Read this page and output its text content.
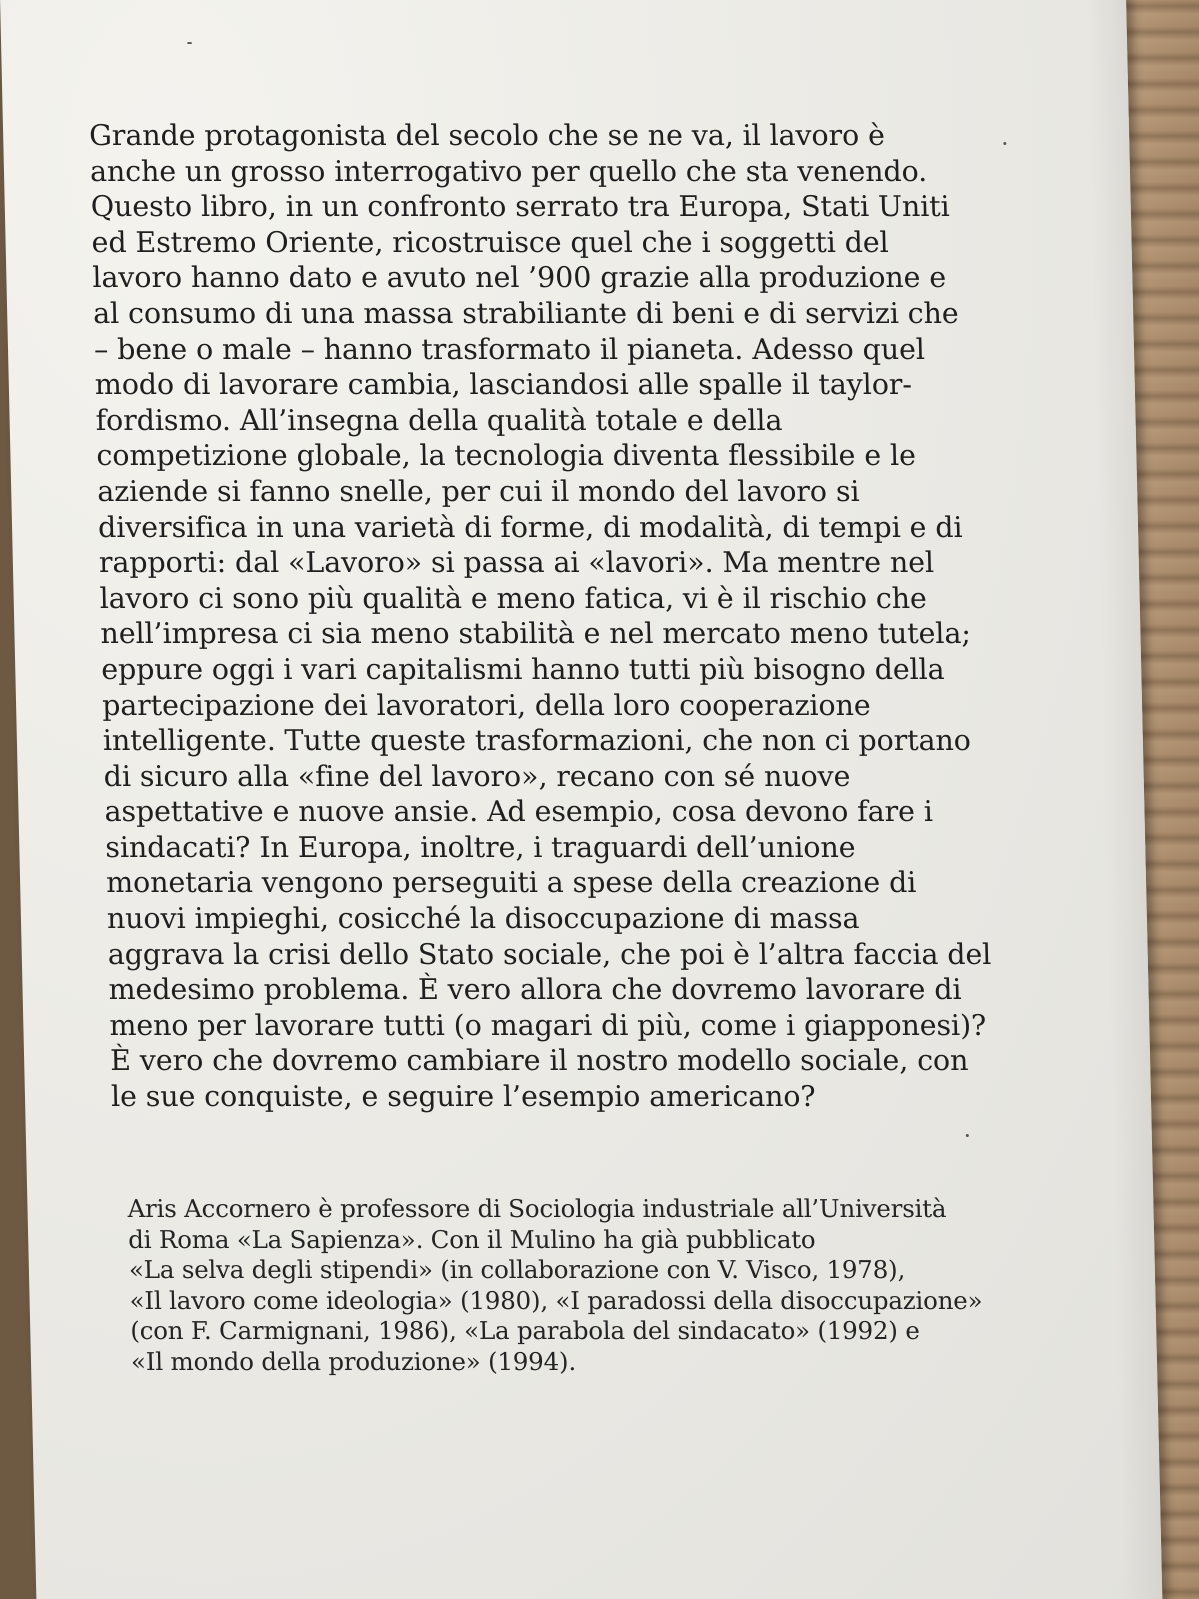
Grande protagonista del secolo che se ne va, il lavoro è
anche un grosso interrogativo per quello che sta venendo.
Questo libro, in un confronto serrato tra Europa, Stati Uniti
ed Estremo Oriente, ricostruisce quel che i soggetti del
lavoro hanno dato e avuto nel ’900 grazie alla produzione e
al consumo di una massa strabiliante di beni e di servizi che
– bene o male – hanno trasformato il pianeta. Adesso quel
modo di lavorare cambia, lasciandosi alle spalle il taylor-
fordismo. All’insegna della qualità totale e della
competizione globale, la tecnologia diventa flessibile e le
aziende si fanno snelle, per cui il mondo del lavoro si
diversifica in una varietà di forme, di modalità, di tempi e di
rapporti: dal «Lavoro» si passa ai «lavori». Ma mentre nel
lavoro ci sono più qualità e meno fatica, vi è il rischio che
nell’impresa ci sia meno stabilità e nel mercato meno tutela;
eppure oggi i vari capitalismi hanno tutti più bisogno della
partecipazione dei lavoratori, della loro cooperazione
intelligente. Tutte queste trasformazioni, che non ci portano
di sicuro alla «fine del lavoro», recano con sé nuove
aspettative e nuove ansie. Ad esempio, cosa devono fare i
sindacati? In Europa, inoltre, i traguardi dell’unione
monetaria vengono perseguiti a spese della creazione di
nuovi impieghi, cosicché la disoccupazione di massa
aggrava la crisi dello Stato sociale, che poi è l’altra faccia del
medesimo problema. È vero allora che dovremo lavorare di
meno per lavorare tutti (o magari di più, come i giapponesi)?
È vero che dovremo cambiare il nostro modello sociale, con
le sue conquiste, e seguire l’esempio americano?
Aris Accornero è professore di Sociologia industriale all’Università
di Roma «La Sapienza». Con il Mulino ha già pubblicato
«La selva degli stipendi» (in collaborazione con V. Visco, 1978),
«Il lavoro come ideologia» (1980), «I paradossi della disoccupazione»
(con F. Carmignani, 1986), «La parabola del sindacato» (1992) e
«Il mondo della produzione» (1994).
